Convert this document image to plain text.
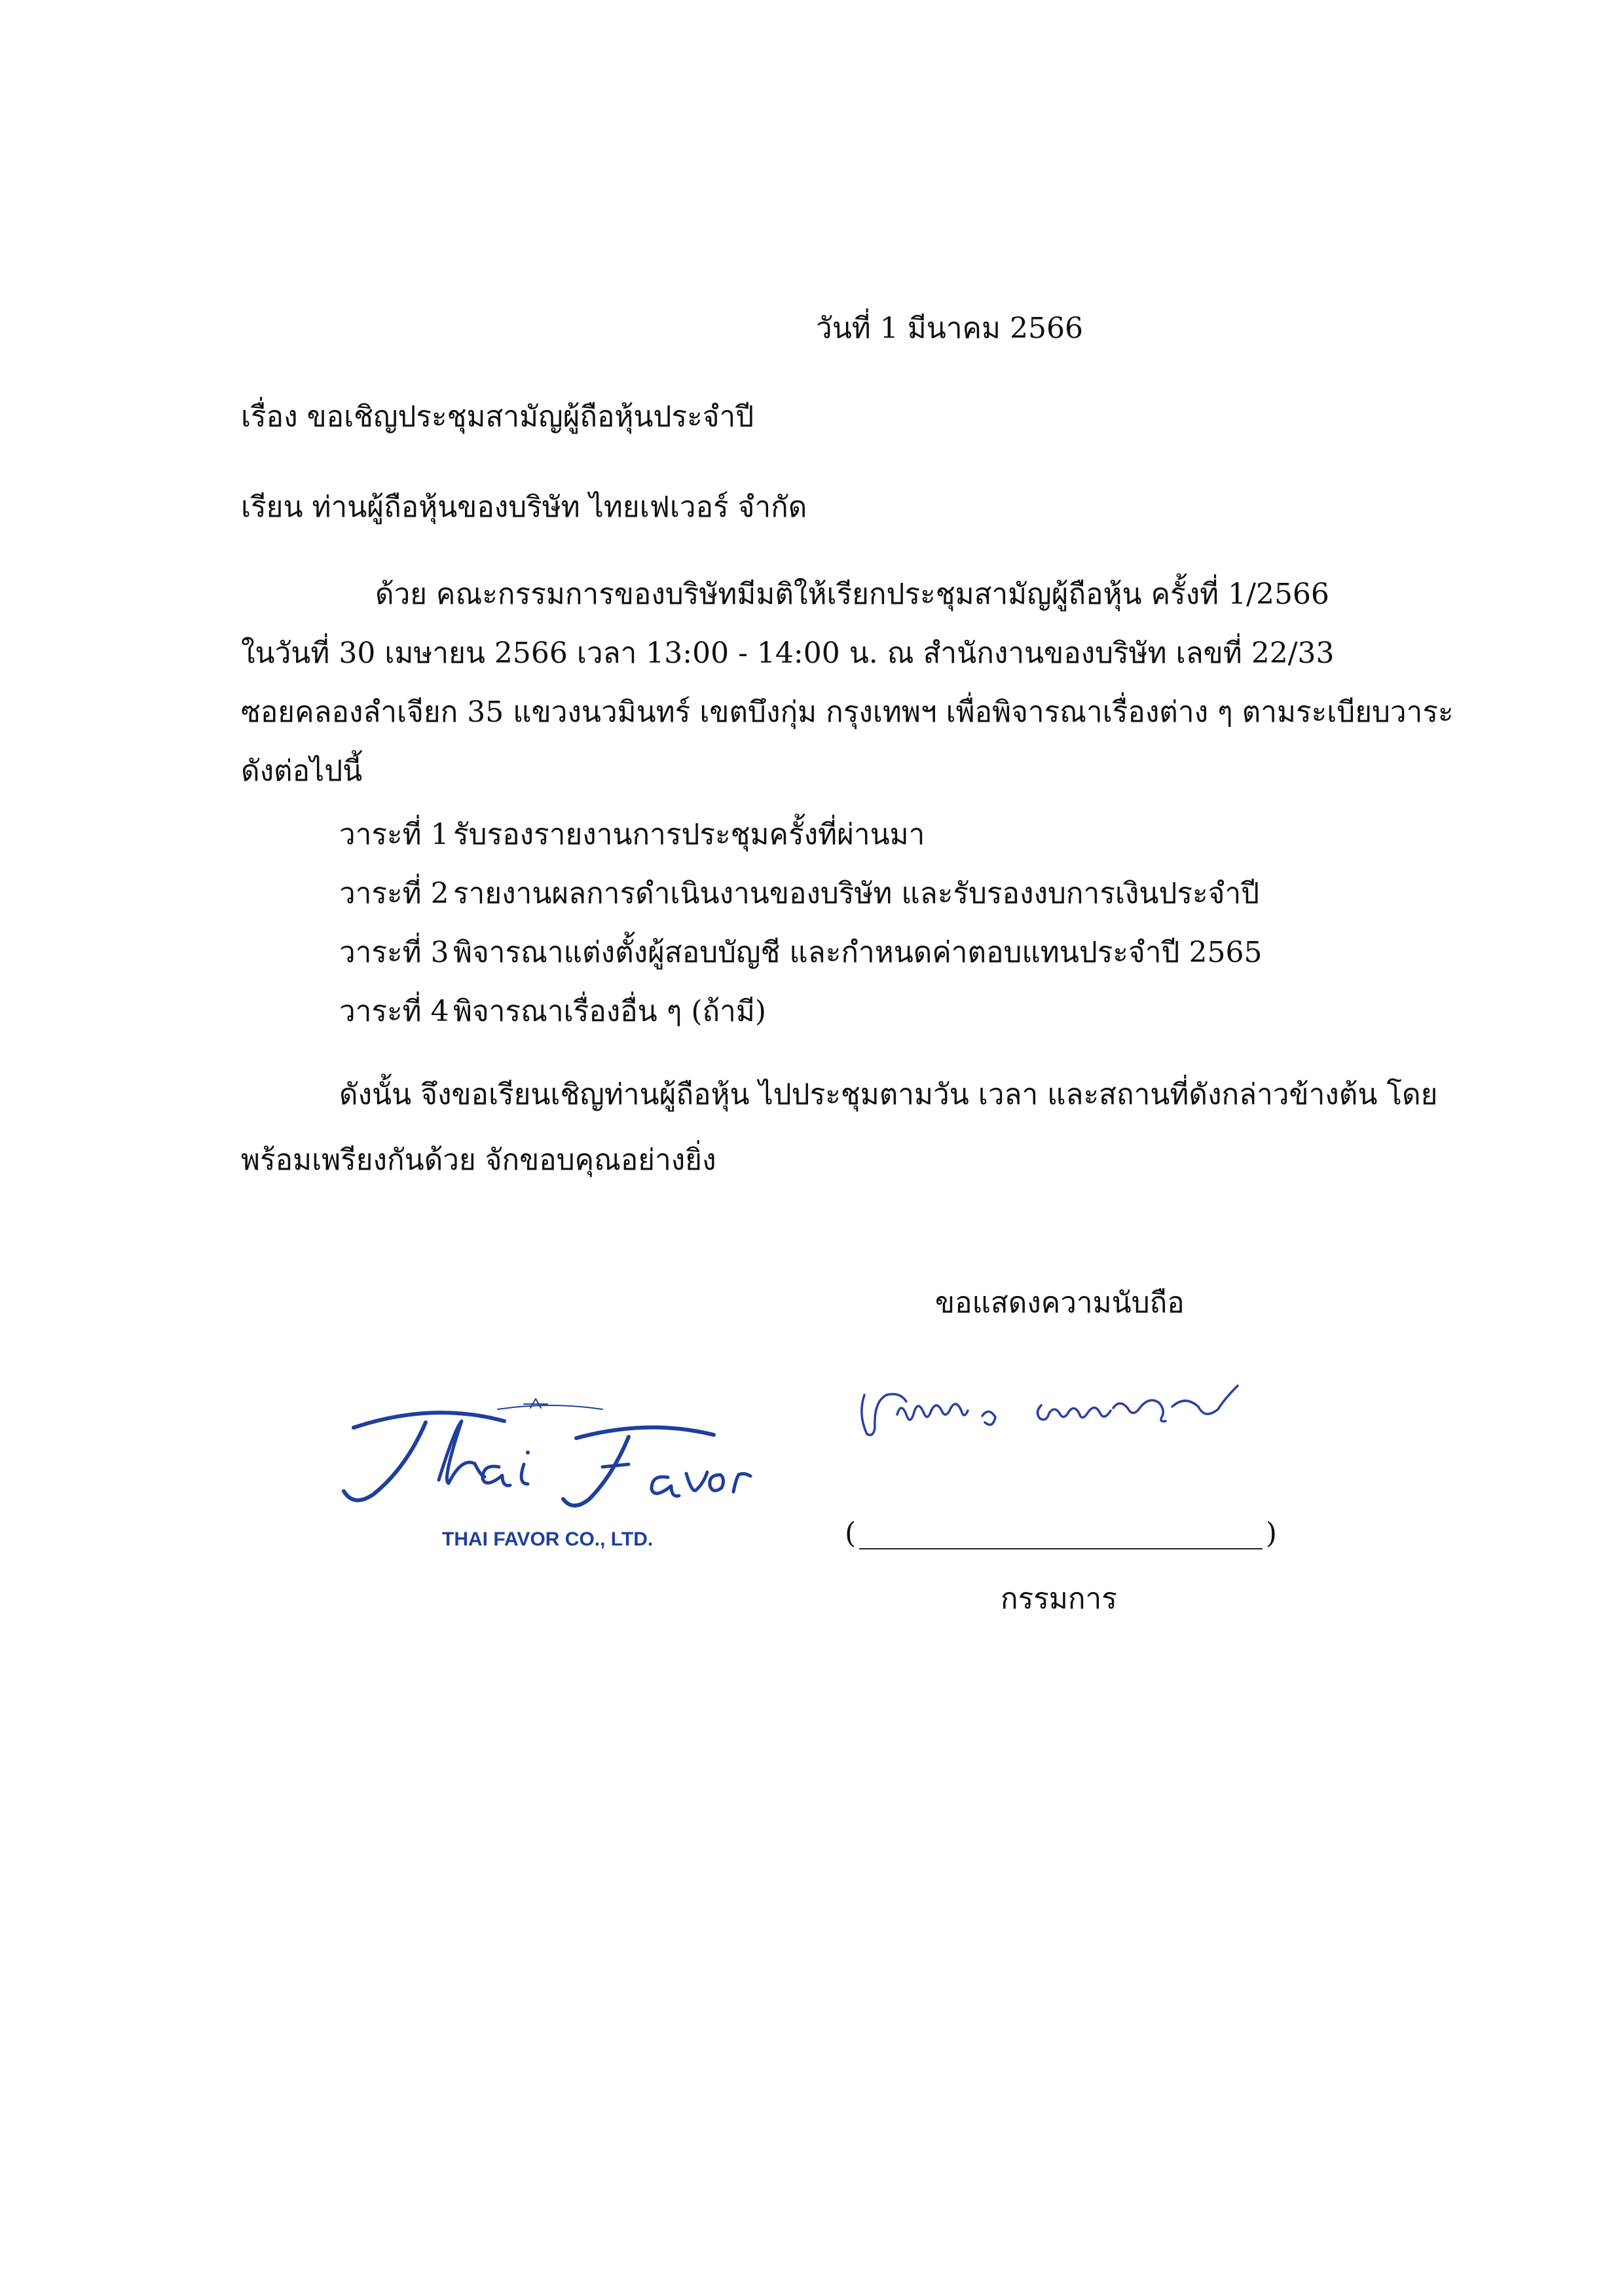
วันที่ 1 มีนาคม 2566
เรื่อง ขอเชิญประชุมสามัญผู้ถือหุ้นประจำปี
เรียน ท่านผู้ถือหุ้นของบริษัท ไทยเฟเวอร์ จำกัด
ด้วย คณะกรรมการของบริษัทมีมติให้เรียกประชุมสามัญผู้ถือหุ้น ครั้งที่ 1/2566
ในวันที่ 30 เมษายน 2566 เวลา 13:00 - 14:00 น. ณ สำนักงานของบริษัท เลขที่ 22/33
ซอยคลองลำเจียก 35 แขวงนวมินทร์ เขตบึงกุ่ม กรุงเทพฯ เพื่อพิจารณาเรื่องต่าง ๆ ตามระเบียบวาระ
ดังต่อไปนี้
วาระที่ 1 รับรองรายงานการประชุมครั้งที่ผ่านมา
วาระที่ 2 รายงานผลการดำเนินงานของบริษัท และรับรองงบการเงินประจำปี
วาระที่ 3 พิจารณาแต่งตั้งผู้สอบบัญชี และกำหนดค่าตอบแทนประจำปี 2565
วาระที่ 4 พิจารณาเรื่องอื่น ๆ (ถ้ามี)
ดังนั้น จึงขอเรียนเชิญท่านผู้ถือหุ้น ไปประชุมตามวัน เวลา และสถานที่ดังกล่าวข้างต้น โดย
พร้อมเพรียงกันด้วย จักขอบคุณอย่างยิ่ง
ขอแสดงความนับถือ
THAI FAVOR CO., LTD.	(	)
กรรมการ
